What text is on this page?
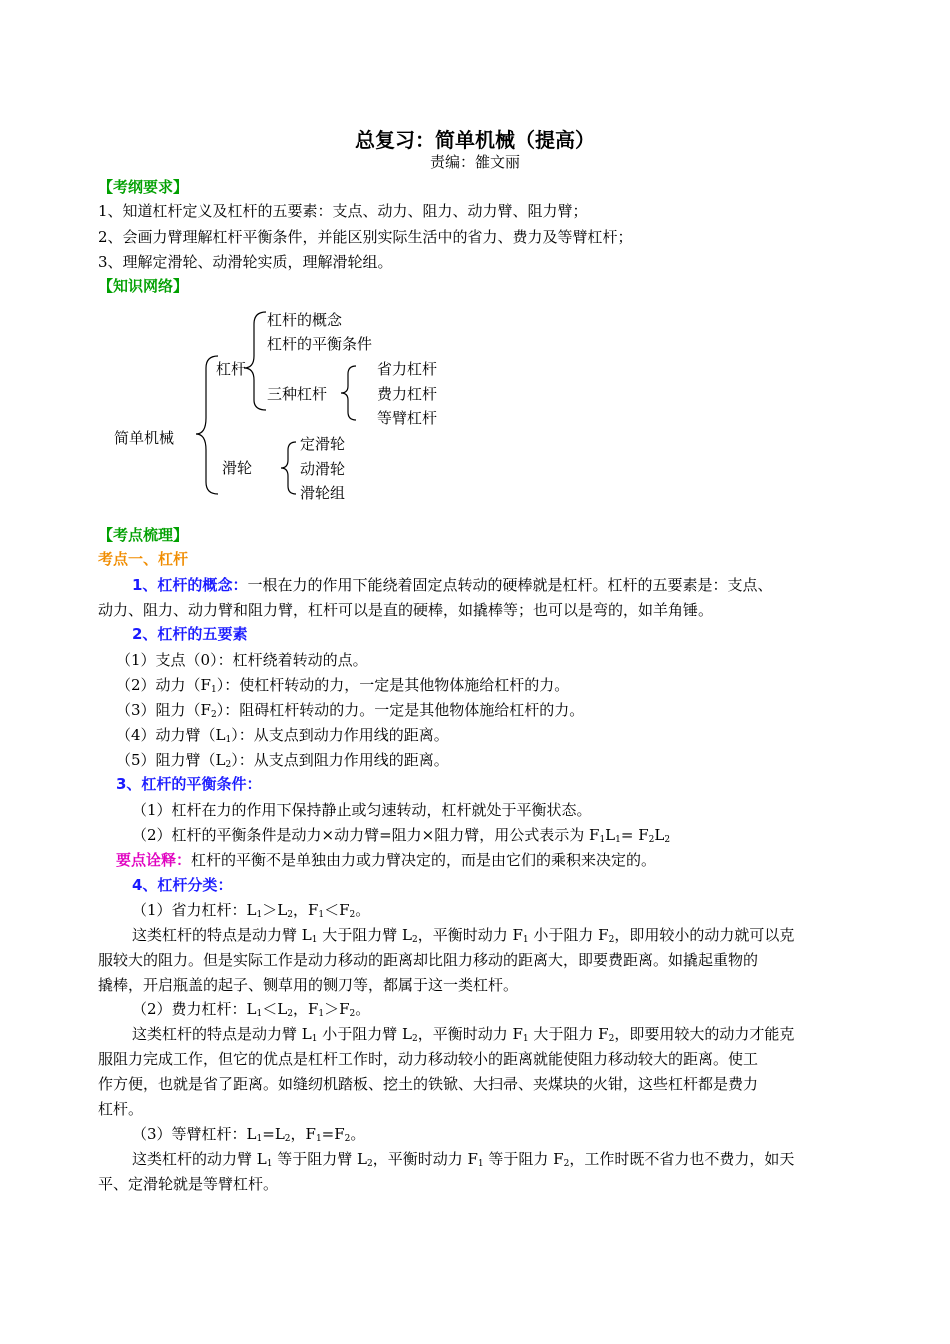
总复习：简单机械（提高）
责编：雒文丽
【考纲要求】
1、知道杠杆定义及杠杆的五要素：支点、动力、阻力、动力臂、阻力臂；
2、会画力臂理解杠杆平衡条件，并能区别实际生活中的省力、费力及等臂杠杆；
3、理解定滑轮、动滑轮实质，理解滑轮组。
【知识网络】
简单机械
杠杆
杠杆的概念
杠杆的平衡条件
三种杠杆
省力杠杆
费力杠杆
等臂杠杆
滑轮
定滑轮
动滑轮
滑轮组
【考点梳理】
考点一、杠杆
1、杠杆的概念：一根在力的作用下能绕着固定点转动的硬棒就是杠杆。杠杆的五要素是：支点、
动力、阻力、动力臂和阻力臂，杠杆可以是直的硬棒，如撬棒等；也可以是弯的，如羊角锤。
2、杠杆的五要素
（1）支点（0）：杠杆绕着转动的点。
（2）动力$(F_1)$：使杠杆转动的力，一定是其他物体施给杠杆的力。
（3）阻力$(F_2)$：阻碍杠杆转动的力。一定是其他物体施给杠杆的力。
（4）动力臂$(L_1)$：从支点到动力作用线的距离。
（5）阻力臂$(L_2)$：从支点到阻力作用线的距离。
3、杠杆的平衡条件：
（1）杠杆在力的作用下保持静止或匀速转动，杠杆就处于平衡状态。
（2）杠杆的平衡条件是动力×动力臂=阻力×阻力臂，用公式表示为 $F_1L_1= F_2L_2$
要点诠释：杠杆的平衡不是单独由力或力臂决定的，而是由它们的乘积来决定的。
4、杠杆分类：
（1）省力杠杆：$L_1>L_2$，$F_1<F_2$。
这类杠杆的特点是动力臂 $L_1$ 大于阻力臂 $L_2$，平衡时动力 $F_1$ 小于阻力 $F_2$，即用较小的动力就可以克
服较大的阻力。但是实际工作是动力移动的距离却比阻力移动的距离大，即要费距离。如撬起重物的
撬棒，开启瓶盖的起子、铡草用的铡刀等，都属于这一类杠杆。
（2）费力杠杆：$L_1<L_2$，$F_1>F_2$。
这类杠杆的特点是动力臂 $L_1$ 小于阻力臂 $L_2$，平衡时动力 $F_1$ 大于阻力 $F_2$，即要用较大的动力才能克
服阻力完成工作，但它的优点是杠杆工作时，动力移动较小的距离就能使阻力移动较大的距离。使工
作方便，也就是省了距离。如缝纫机踏板、挖土的铁锨、大扫帚、夹煤块的火钳，这些杠杆都是费力
杠杆。
（3）等臂杠杆：$L_1=L_2$，$F_1=F_2$。
这类杠杆的动力臂 $L_1$ 等于阻力臂 $L_2$，平衡时动力 $F_1$ 等于阻力 $F_2$，工作时既不省力也不费力，如天
平、定滑轮就是等臂杠杆。
